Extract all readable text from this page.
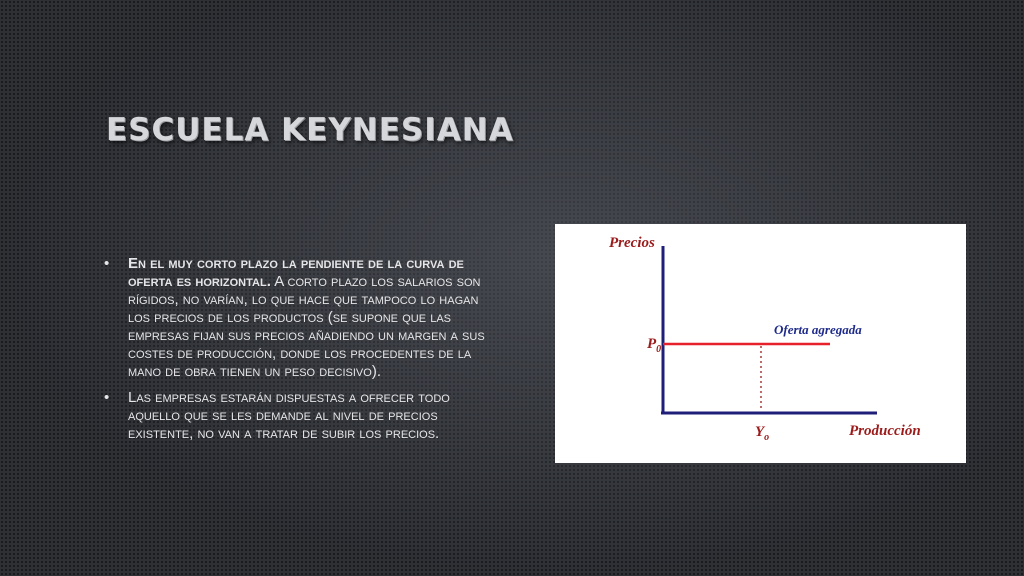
ESCUELA KEYNESIANA
• En el muy corto plazo la pendiente de la curva de oferta es horizontal. A corto plazo los salarios son rígidos, no varían, lo que hace que tampoco lo hagan los precios de los productos (se supone que las empresas fijan sus precios añadiendo un margen a sus costes de producción, donde los procedentes de la mano de obra tienen un peso decisivo).
• Las empresas estarán dispuestas a ofrecer todo aquello que se les demande al nivel de precios existente, no van a tratar de subir los precios.
Precios
Producción
Oferta agregada
$P_0$
$Y_o$
